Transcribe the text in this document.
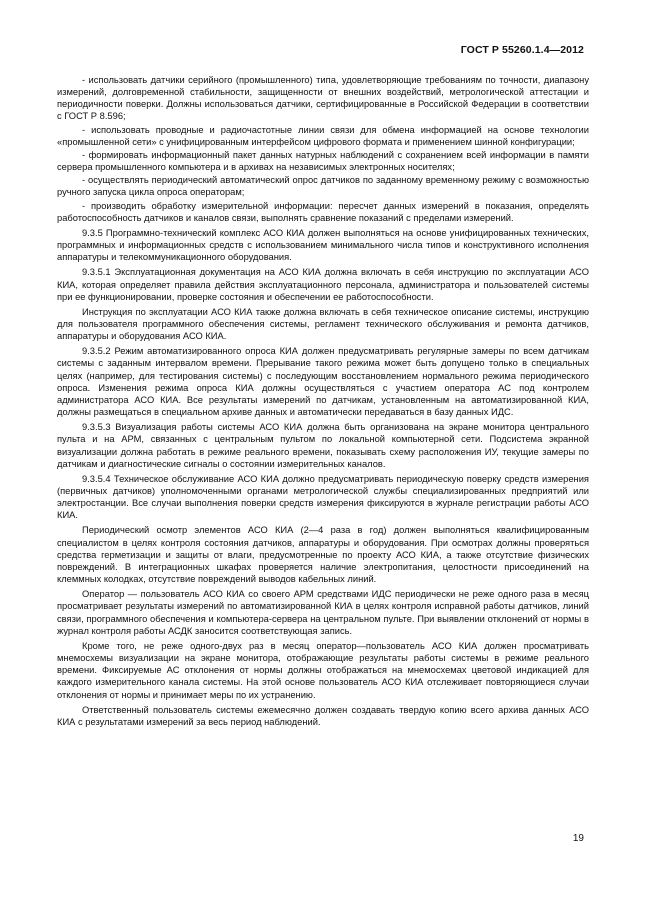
ГОСТ Р 55260.1.4—2012

- использовать датчики серийного (промышленного) типа, удовлетворяющие требованиям по точности, диапазону измерений, долговременной стабильности, защищенности от внешних воздействий, метрологической аттестации и периодичности поверки. Должны использоваться датчики, сертифицированные в Российской Федерации в соответствии с ГОСТ Р 8.596;

- использовать проводные и радиочастотные линии связи для обмена информацией на основе технологии «промышленной сети» с унифицированным интерфейсом цифрового формата и применением шинной конфигурации;

- формировать информационный пакет данных натурных наблюдений с сохранением всей информации в памяти сервера промышленного компьютера и в архивах на независимых электронных носителях;

- осуществлять периодический автоматический опрос датчиков по заданному временному режиму с возможностью ручного запуска цикла опроса операторам;

- производить обработку измерительной информации: пересчет данных измерений в показания, определять работоспособность датчиков и каналов связи, выполнять сравнение показаний с пределами измерений.

9.3.5 Программно-технический комплекс АСО КИА должен выполняться на основе унифицированных технических, программных и информационных средств с использованием минимального числа типов и конструктивного исполнения аппаратуры и телекоммуникационного оборудования.

9.3.5.1 Эксплуатационная документация на АСО КИА должна включать в себя инструкцию по эксплуатации АСО КИА, которая определяет правила действия эксплуатационного персонала, администратора и пользователей системы при ее функционировании, проверке состояния и обеспечении ее работоспособности.

Инструкция по эксплуатации АСО КИА также должна включать в себя техническое описание системы, инструкцию для пользователя программного обеспечения системы, регламент технического обслуживания и ремонта датчиков, аппаратуры и оборудования АСО КИА.

9.3.5.2 Режим автоматизированного опроса КИА должен предусматривать регулярные замеры по всем датчикам системы с заданным интервалом времени. Прерывание такого режима может быть допущено только в специальных целях (например, для тестирования системы) с последующим восстановлением нормального режима периодического опроса. Изменения режима опроса КИА должны осуществляться с участием оператора АС под контролем администратора АСО КИА. Все результаты измерений по датчикам, установленным на автоматизированной КИА, должны размещаться в специальном архиве данных и автоматически передаваться в базу данных ИДС.

9.3.5.3 Визуализация работы системы АСО КИА должна быть организована на экране монитора центрального пульта и на АРМ, связанных с центральным пультом по локальной компьютерной сети. Подсистема экранной визуализации должна работать в режиме реального времени, показывать схему расположения ИУ, текущие замеры по датчикам и диагностические сигналы о состоянии измерительных каналов.

9.3.5.4 Техническое обслуживание АСО КИА должно предусматривать периодическую поверку средств измерения (первичных датчиков) уполномоченными органами метрологической службы специализированных предприятий или электростанции. Все случаи выполнения поверки средств измерения фиксируются в журнале регистрации работы АСО КИА.

Периодический осмотр элементов АСО КИА (2—4 раза в год) должен выполняться квалифицированным специалистом в целях контроля состояния датчиков, аппаратуры и оборудования. При осмотрах должны проверяться средства герметизации и защиты от влаги, предусмотренные по проекту АСО КИА, а также отсутствие физических повреждений. В интеграционных шкафах проверяется наличие электропитания, целостности присоединений на клеммных колодках, отсутствие повреждений выводов кабельных линий.

Оператор — пользователь АСО КИА со своего АРМ средствами ИДС периодически не реже одного раза в месяц просматривает результаты измерений по автоматизированной КИА в целях контроля исправной работы датчиков, линий связи, программного обеспечения и компьютера-сервера на центральном пульте. При выявлении отклонений от нормы в журнал контроля работы АСДК заносится соответствующая запись.

Кроме того, не реже одного-двух раз в месяц оператор—пользователь АСО КИА должен просматривать мнемосхемы визуализации на экране монитора, отображающие результаты работы системы в режиме реального времени. Фиксируемые АС отклонения от нормы должны отображаться на мнемосхемах цветовой индикацией для каждого измерительного канала системы. На этой основе пользователь АСО КИА отслеживает повторяющиеся случаи отклонения от нормы и принимает меры по их устранению.

Ответственный пользователь системы ежемесячно должен создавать твердую копию всего архива данных АСО КИА с результатами измерений за весь период наблюдений.

19
